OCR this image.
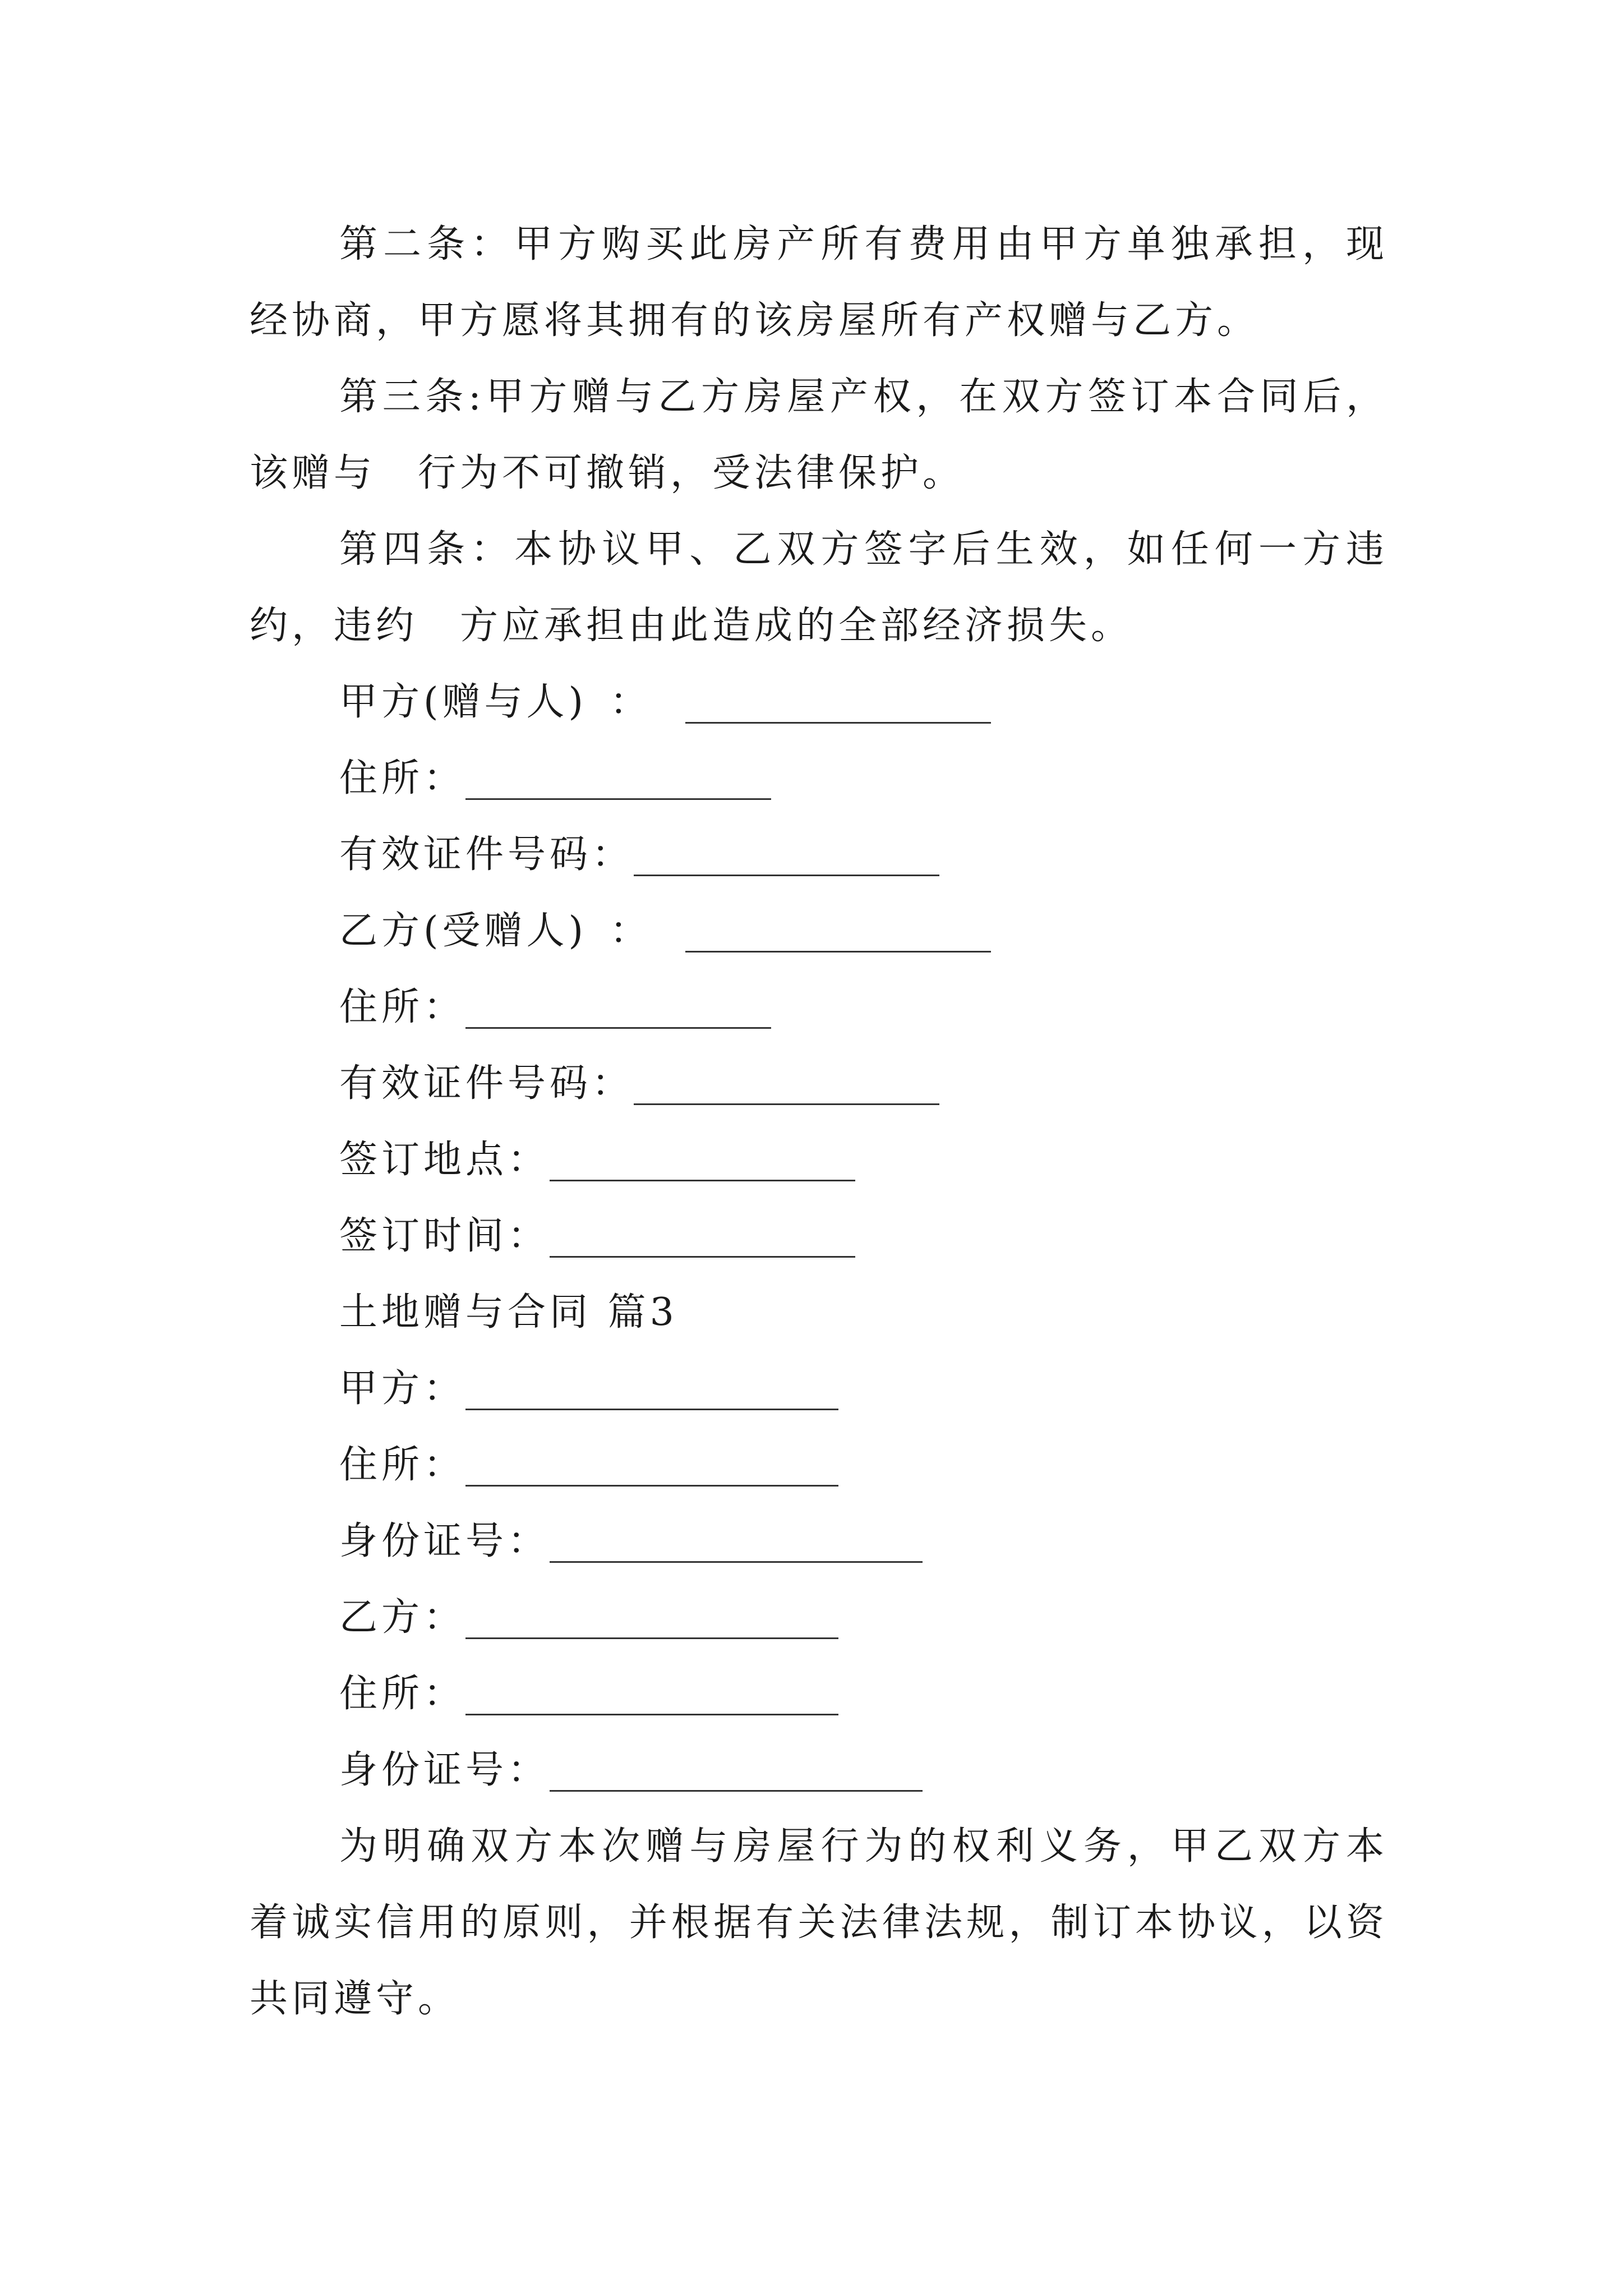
第二条：甲方购买此房产所有费用由甲方单独承担，现经协商，甲方愿将其拥有的该房屋所有产权赠与乙方。

第三条:甲方赠与乙方房屋产权，在双方签订本合同后，该赠与　行为不可撤销，受法律保护。

第四条：本协议甲、乙双方签字后生效，如任何一方违约，违约　方应承担由此造成的全部经济损失。

甲方(赠与人) ：
住所：
有效证件号码：
乙方(受赠人) ：
住所：
有效证件号码：
签订地点：
签订时间：
土地赠与合同 篇3
甲方：
住所：
身份证号：
乙方：
住所：
身份证号：

为明确双方本次赠与房屋行为的权利义务，甲乙双方本着诚实信用的原则，并根据有关法律法规，制订本协议，以资共同遵守。
